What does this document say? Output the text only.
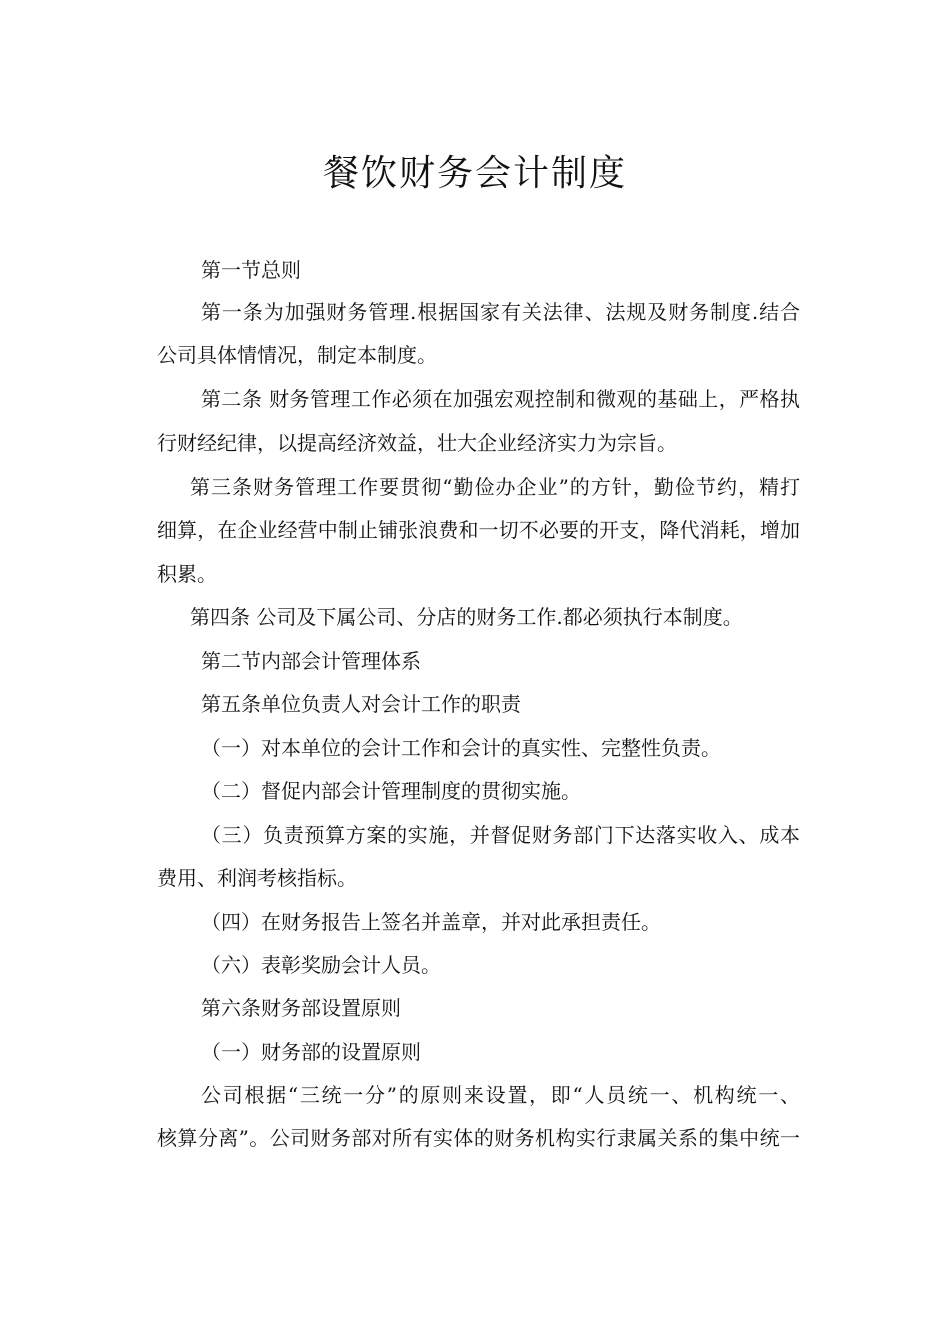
餐饮财务会计制度
第一节总则
第一条为加强财务管理.根据国家有关法律、法规及财务制度.结合
公司具体情情况，制定本制度。
第二条 财务管理工作必须在加强宏观控制和微观的基础上，严格执
行财经纪律，以提高经济效益，壮大企业经济实力为宗旨。
第三条财务管理工作要贯彻“勤俭办企业”的方针，勤俭节约，精打
细算，在企业经营中制止铺张浪费和一切不必要的开支，降代消耗，增加
积累。
第四条 公司及下属公司、分店的财务工作.都必须执行本制度。
第二节内部会计管理体系
第五条单位负责人对会计工作的职责
（一）对本单位的会计工作和会计的真实性、完整性负责。
（二）督促内部会计管理制度的贯彻实施。
（三）负责预算方案的实施，并督促财务部门下达落实收入、成本
费用、利润考核指标。
（四）在财务报告上签名并盖章，并对此承担责任。
（六）表彰奖励会计人员。
第六条财务部设置原则
（一）财务部的设置原则
公司根据“三统一分”的原则来设置，即“人员统一、机构统一、
核算分离”。公司财务部对所有实体的财务机构实行隶属关系的集中统一
